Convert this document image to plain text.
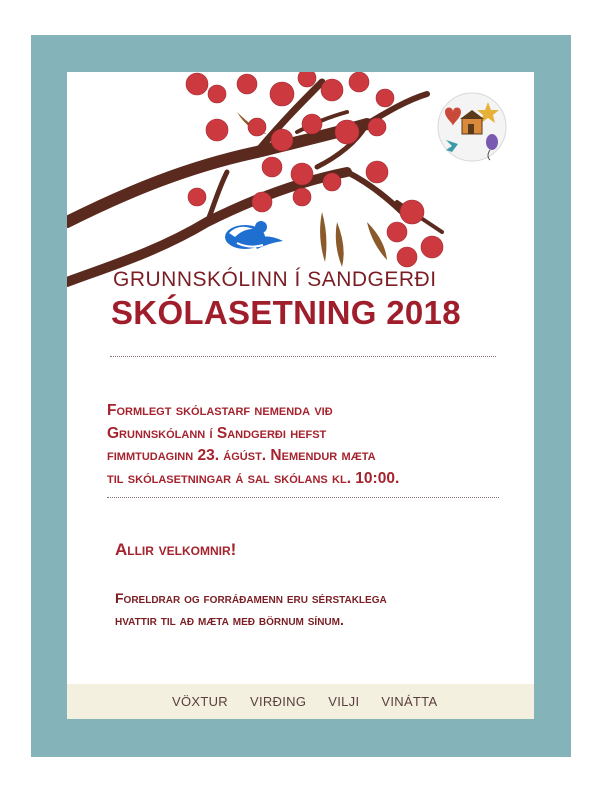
GRUNNSKÓLINN Í SANDGERÐI
SKÓLASETNING 2018

Formlegt skólastarf nemenda við
Grunnskólann í Sandgerði hefst
fimmtudaginn 23. ágúst. Nemendur mæta
til skólasetningar á sal skólans kl. 10:00.

Allir velkomnir!

Foreldrar og forráðamenn eru sérstaklega
hvattir til að mæta með börnum sínum.

VÖXTUR VIRÐING VILJI VINÁTTA
